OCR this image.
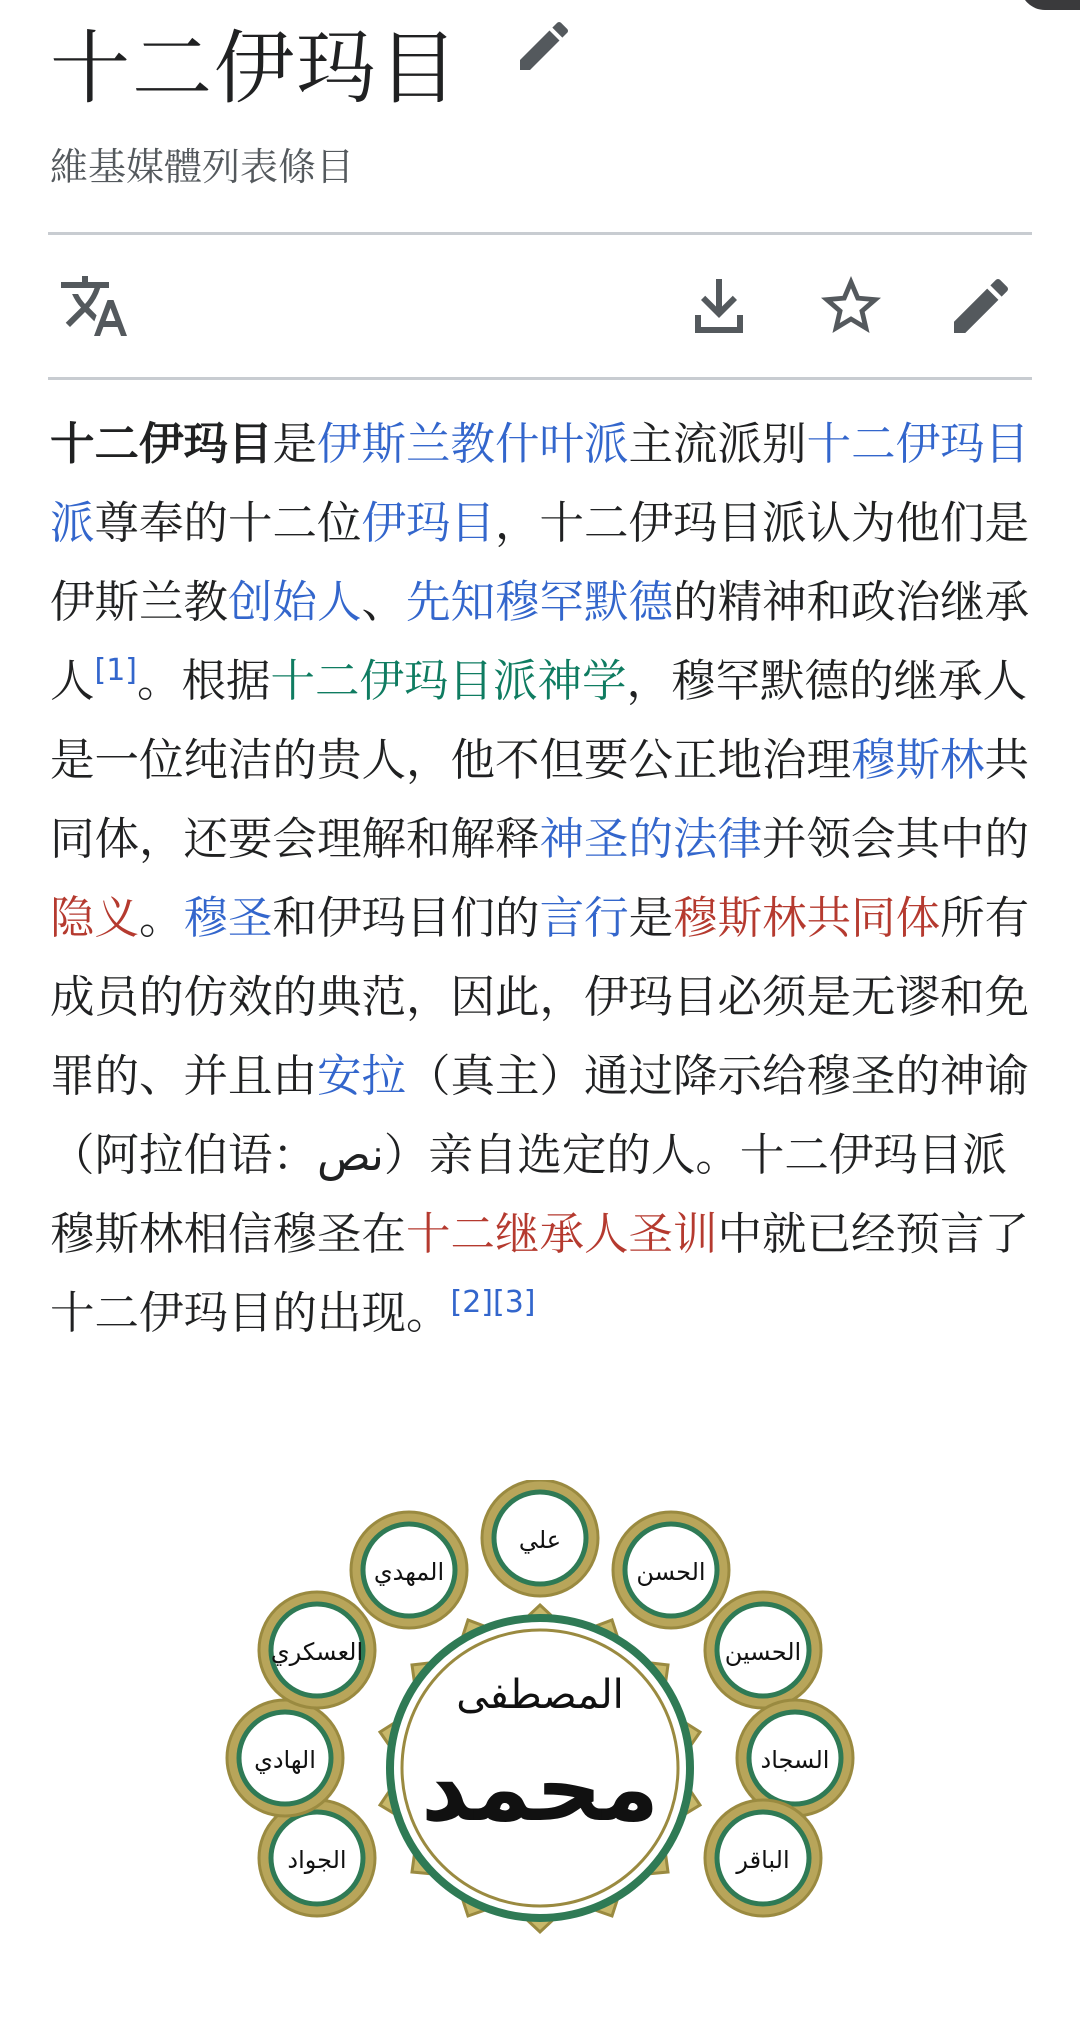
十二伊玛目
維基媒體列表條目

十二伊玛目是伊斯兰教什叶派主流派别十二伊玛目派尊奉的十二位伊玛目，十二伊玛目派认为他们是伊斯兰教创始人、先知穆罕默德的精神和政治继承人[1]。根据十二伊玛目派神学，穆罕默德的继承人是一位纯洁的贵人，他不但要公正地治理穆斯林共同体，还要会理解和解释神圣的法律并领会其中的隐义。穆圣和伊玛目们的言行是穆斯林共同体所有成员的仿效的典范，因此，伊玛目必须是无谬和免罪的、并且由安拉（真主）通过降示给穆圣的神谕（阿拉伯语：نص）亲自选定的人。十二伊玛目派穆斯林相信穆圣在十二继承人圣训中就已经预言了十二伊玛目的出现。[2][3]

المصطفى
محمد
علي
الحسن
الحسين
السجاد
الباقر
الجواد
الهادي
العسكري
المهدي
